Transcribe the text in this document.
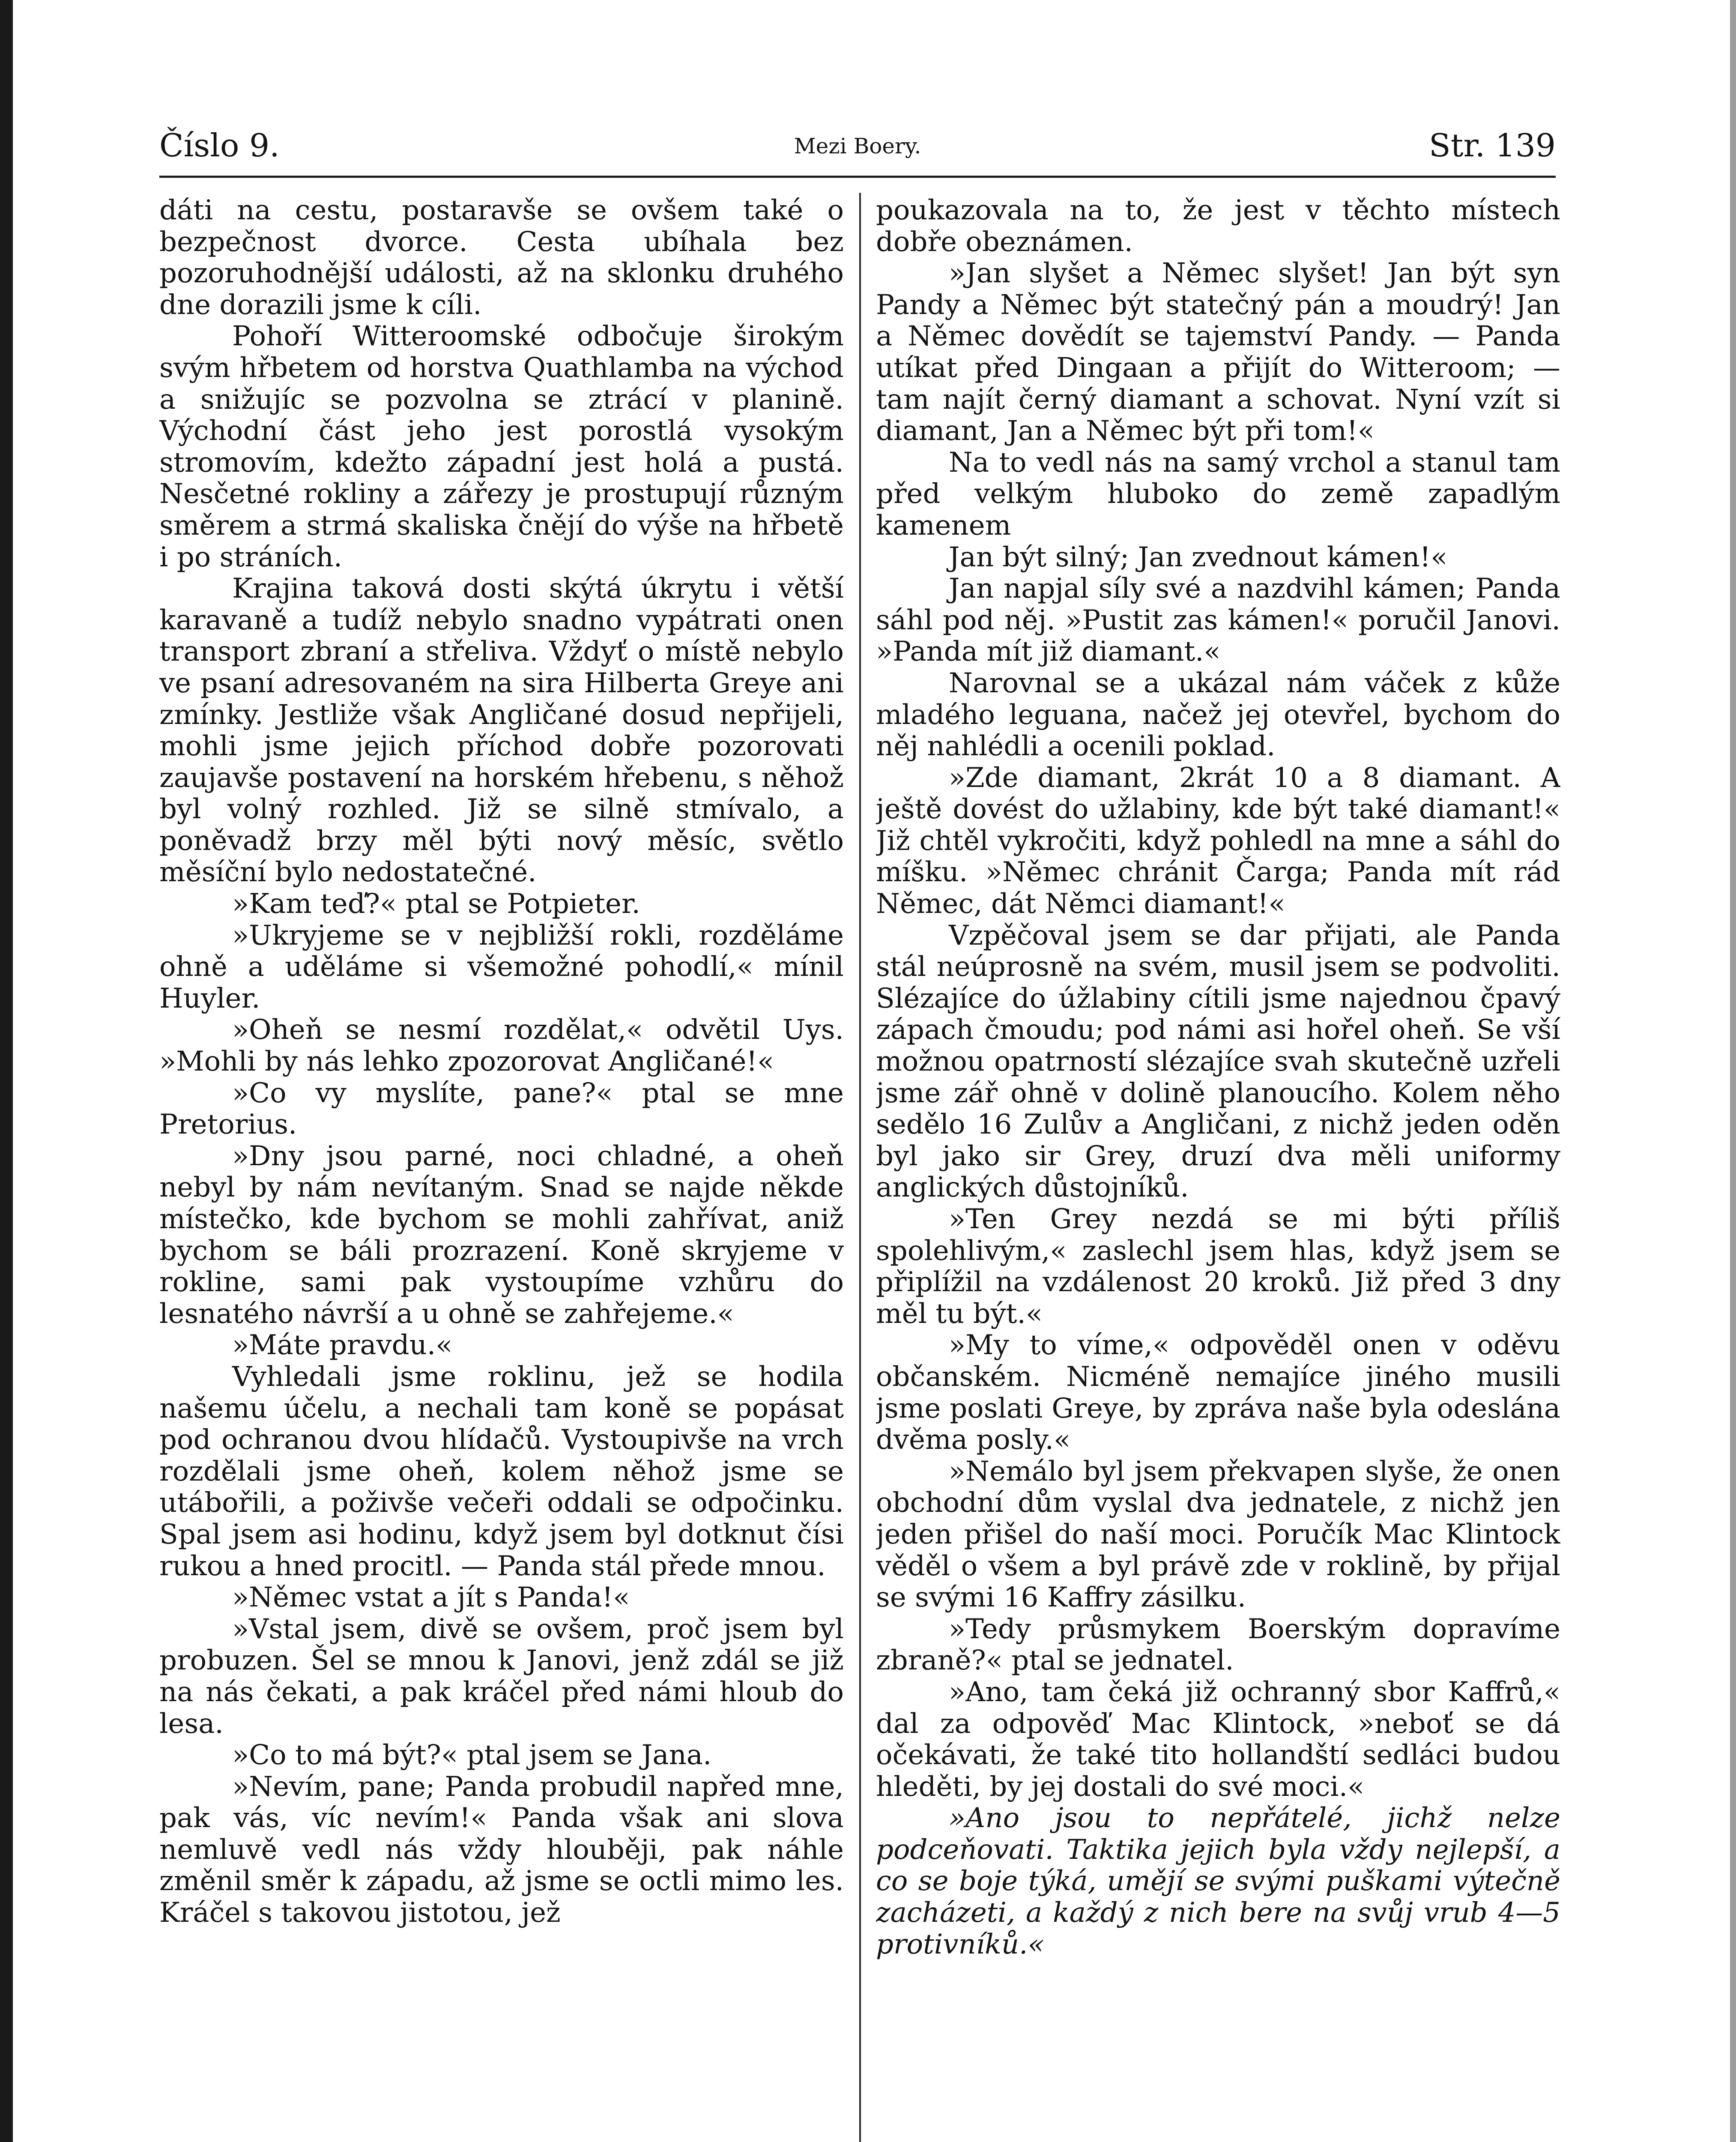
Číslo 9.	Mezi Boery.	Str. 139

dáti na cestu, postaravše se ovšem také o bezpečnost dvorce. Cesta ubíhala bez pozoruhodnější události, až na sklonku druhého dne dorazili jsme k cíli.

Pohoří Witteroomské odbočuje širokým svým hřbetem od horstva Quathlamba na východ a snižujíc se pozvolna se ztrácí v planině. Východní část jeho jest porostlá vysokým stromovím, kdežto západní jest holá a pustá. Nesčetné rokliny a zářezy je prostupují různým směrem a strmá skaliska čnějí do výše na hřbetě i po stráních.

Krajina taková dosti skýtá úkrytu i větší karavaně a tudíž nebylo snadno vypátrati onen transport zbraní a střeliva. Vždyť o místě nebylo ve psaní adresovaném na sira Hilberta Greye ani zmínky. Jestliže však Angličané dosud nepřijeli, mohli jsme jejich příchod dobře pozorovati zaujavše postavení na horském hřebenu, s něhož byl volný rozhled. Již se silně stmívalo, a poněvadž brzy měl býti nový měsíc, světlo měsíční bylo nedostatečné.

»Kam teď?« ptal se Potpieter.

»Ukryjeme se v nejbližší rokli, rozděláme ohně a uděláme si všemožné pohodlí,« mínil Huyler.

»Oheň se nesmí rozdělat,« odvětil Uys. »Mohli by nás lehko zpozorovat Angličané!«

»Co vy myslíte, pane?« ptal se mne Pretorius.

»Dny jsou parné, noci chladné, a oheň nebyl by nám nevítaným. Snad se najde někde místečko, kde bychom se mohli zahřívat, aniž bychom se báli prozrazení. Koně skryjeme v rokline, sami pak vystoupíme vzhůru do lesnatého návrší a u ohně se zahřejeme.«

»Máte pravdu.«

Vyhledali jsme roklinu, jež se hodila našemu účelu, a nechali tam koně se popásat pod ochranou dvou hlídačů. Vystoupivše na vrch rozdělali jsme oheň, kolem něhož jsme se utábořili, a poživše večeři oddali se odpočinku. Spal jsem asi hodinu, když jsem byl dotknut čísi rukou a hned procitl. — Panda stál přede mnou.

»Němec vstat a jít s Panda!«

»Vstal jsem, divě se ovšem, proč jsem byl probuzen. Šel se mnou k Janovi, jenž zdál se již na nás čekati, a pak kráčel před námi hloub do lesa.

»Co to má být?« ptal jsem se Jana.

»Nevím, pane; Panda probudil napřed mne, pak vás, víc nevím!« Panda však ani slova nemluvě vedl nás vždy hlouběji, pak náhle změnil směr k západu, až jsme se octli mimo les. Kráčel s takovou jistotou, jež

poukazovala na to, že jest v těchto místech dobře obeznámen.

»Jan slyšet a Němec slyšet! Jan být syn Pandy a Němec být statečný pán a moudrý! Jan a Němec dovědít se tajemství Pandy. — Panda utíkat před Dingaan a přijít do Witteroom; — tam najít černý diamant a schovat. Nyní vzít si diamant, Jan a Němec být při tom!«

Na to vedl nás na samý vrchol a stanul tam před velkým hluboko do země zapadlým kamenem

Jan být silný; Jan zvednout kámen!«

Jan napjal síly své a nazdvihl kámen; Panda sáhl pod něj. »Pustit zas kámen!« poručil Janovi. »Panda mít již diamant.«

Narovnal se a ukázal nám váček z kůže mladého leguana, načež jej otevřel, bychom do něj nahlédli a ocenili poklad.

»Zde diamant, 2krát 10 a 8 diamant. A ještě dovést do užlabiny, kde být také diamant!« Již chtěl vykročiti, když pohledl na mne a sáhl do míšku. »Němec chránit Čarga; Panda mít rád Němec, dát Němci diamant!«

Vzpěčoval jsem se dar přijati, ale Panda stál neúprosně na svém, musil jsem se podvoliti. Slézajíce do úžlabiny cítili jsme najednou čpavý zápach čmoudu; pod námi asi hořel oheň. Se vší možnou opatrností slézajíce svah skutečně uzřeli jsme zář ohně v dolině planoucího. Kolem něho sedělo 16 Zulův a Angličani, z nichž jeden oděn byl jako sir Grey, druzí dva měli uniformy anglických důstojníků.

»Ten Grey nezdá se mi býti příliš spolehlivým,« zaslechl jsem hlas, když jsem se připlížil na vzdálenost 20 kroků. Již před 3 dny měl tu být.«

»My to víme,« odpověděl onen v oděvu občanském. Nicméně nemajíce jiného musili jsme poslati Greye, by zpráva naše byla odeslána dvěma posly.«

»Nemálo byl jsem překvapen slyše, že onen obchodní dům vyslal dva jednatele, z nichž jen jeden přišel do naší moci. Poručík Mac Klintock věděl o všem a byl právě zde v roklině, by přijal se svými 16 Kaffry zásilku.

»Tedy průsmykem Boerským dopravíme zbraně?« ptal se jednatel.

»Ano, tam čeká již ochranný sbor Kaffrů,« dal za odpověď Mac Klintock, »neboť se dá očekávati, že také tito hollandští sedláci budou hleděti, by jej dostali do své moci.«

»Ano jsou to nepřátelé, jichž nelze podceňovati. Taktika jejich byla vždy nejlepší, a co se boje týká, umějí se svými puškami výtečně zacházeti, a každý z nich bere na svůj vrub 4—5 protivníků.«
